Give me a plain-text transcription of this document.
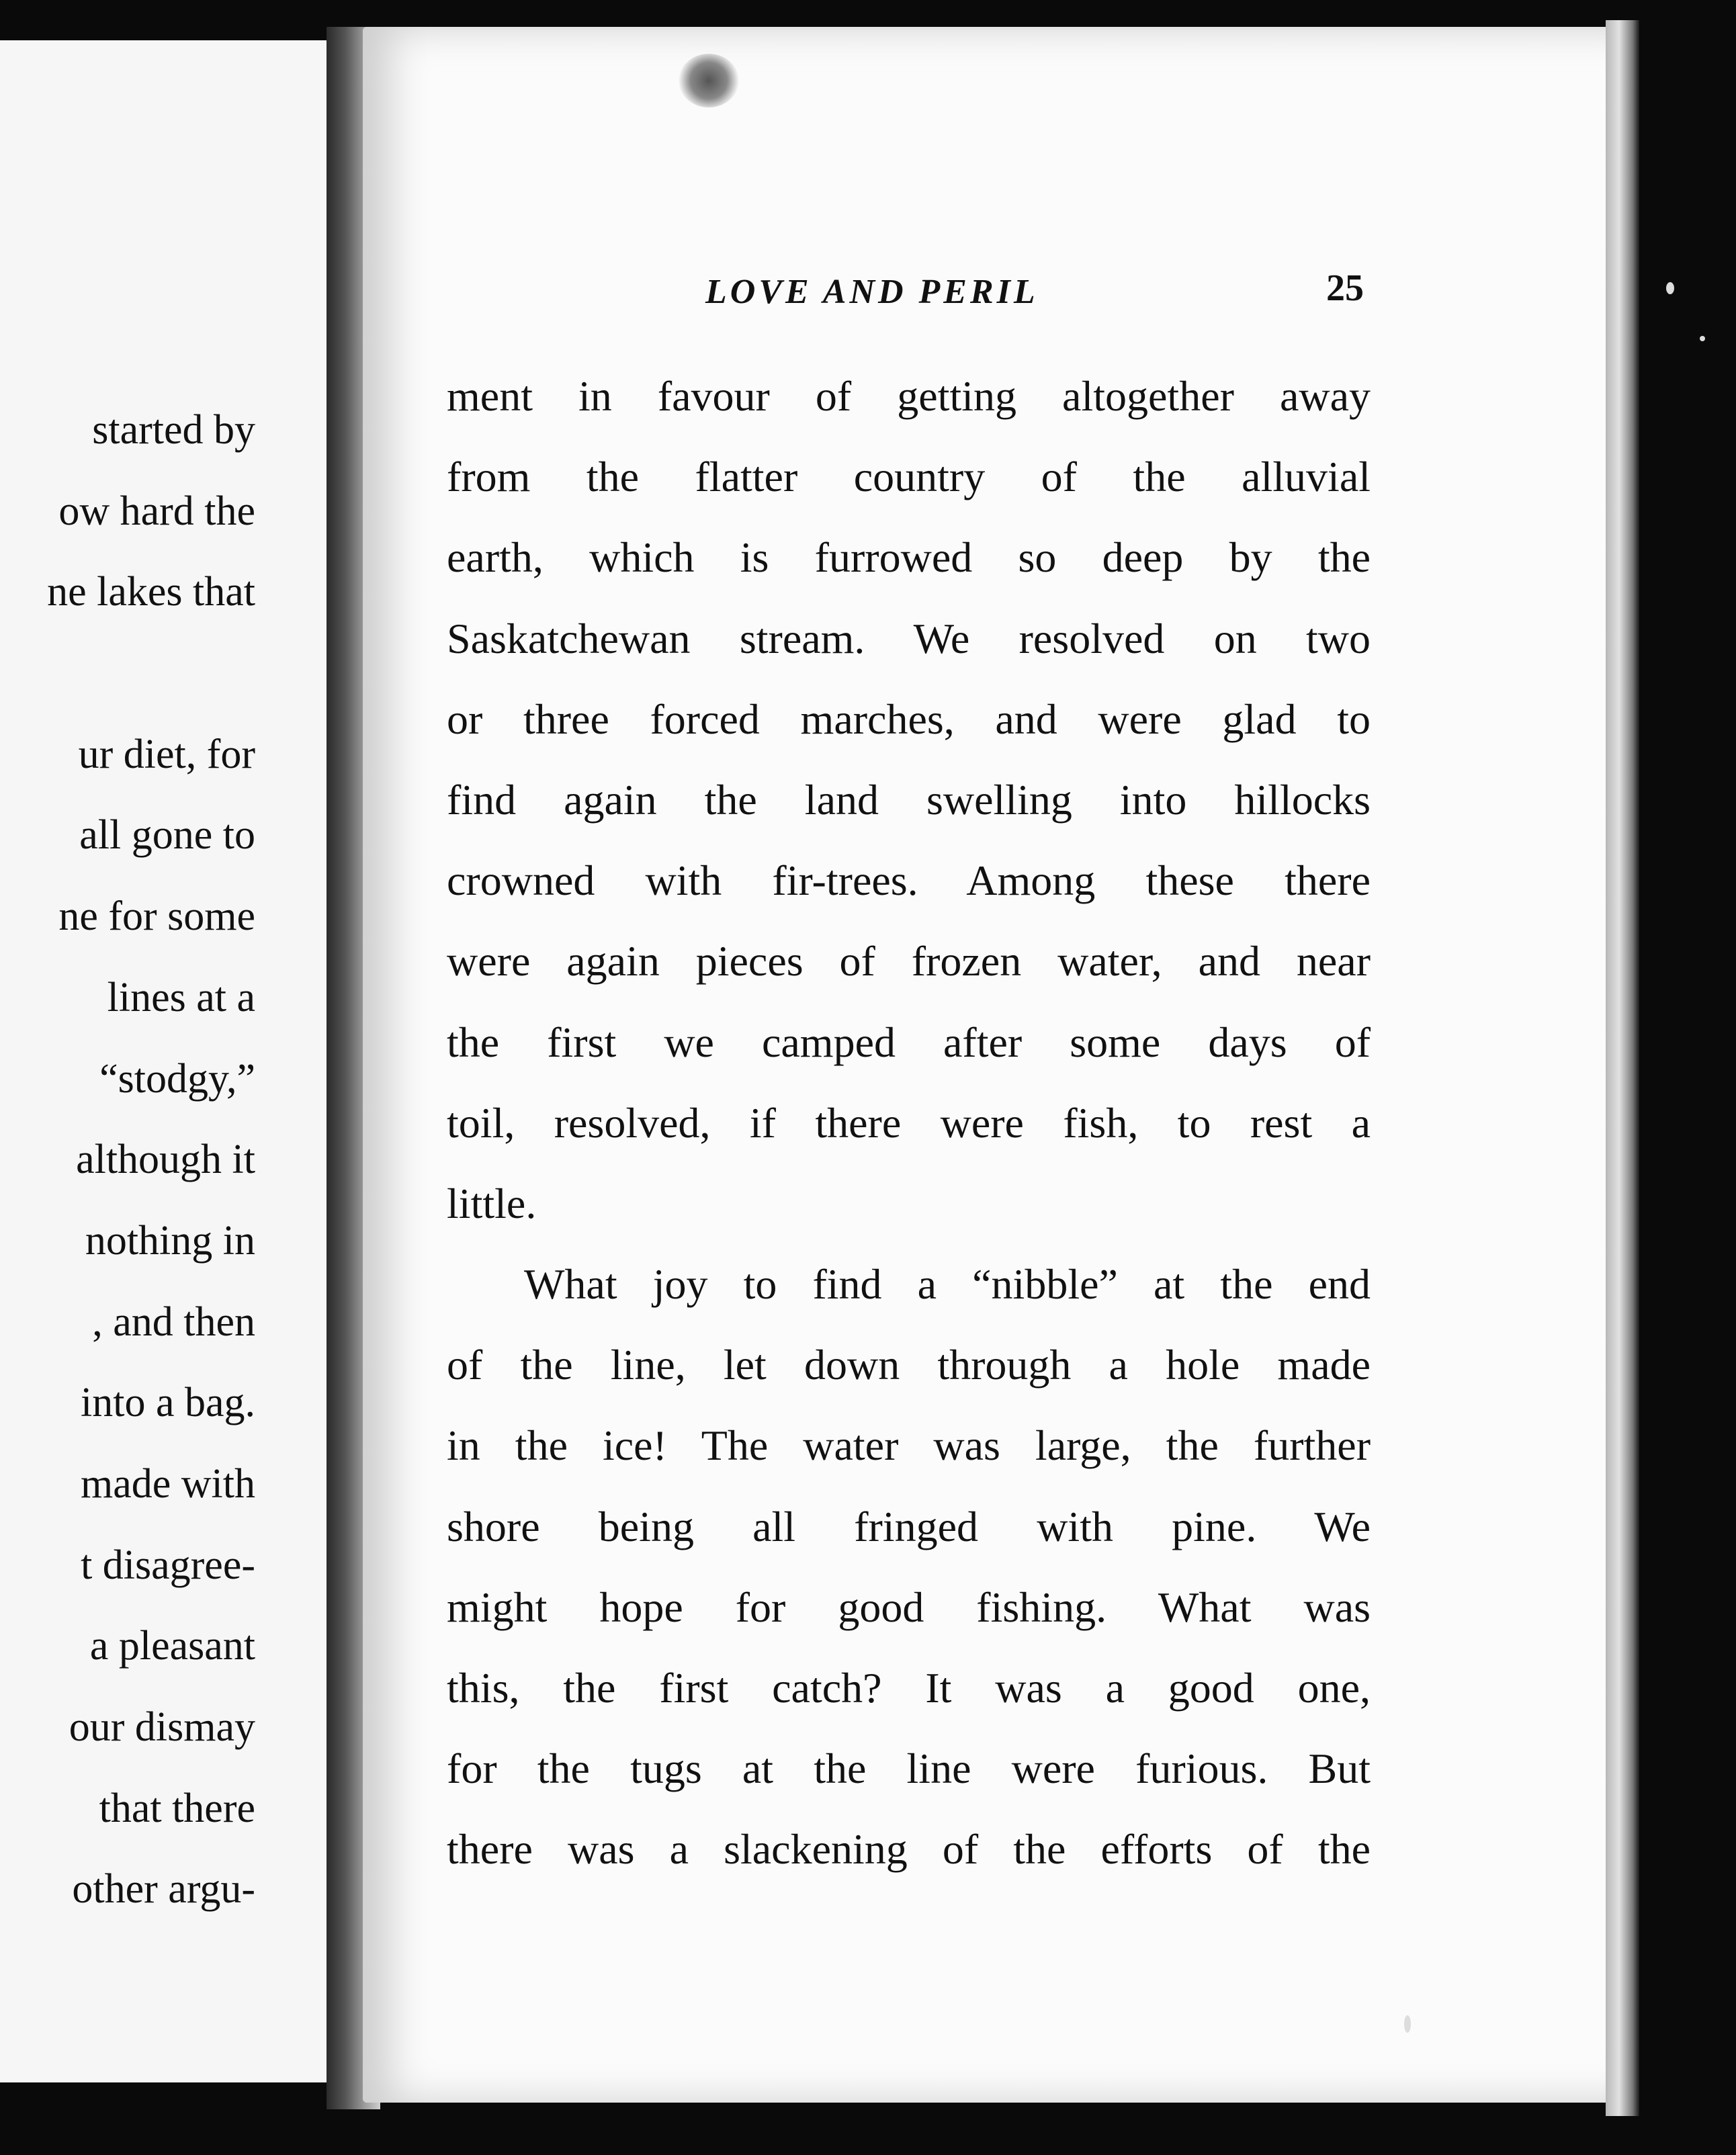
started by
ow hard the
ne lakes that
ur diet, for
all gone to
ne for some
lines at a
“stodgy,”
although it
nothing in
, and then
into a bag.
made with
t disagree-
a pleasant
our dismay
that there
other argu-
LOVE AND PERIL	25
ment in favour of getting altogether away
from the flatter country of the alluvial
earth, which is furrowed so deep by the
Saskatchewan stream. We resolved on two
or three forced marches, and were glad to
find again the land swelling into hillocks
crowned with fir-trees. Among these there
were again pieces of frozen water, and near
the first we camped after some days of
toil, resolved, if there were fish, to rest a
little.
What joy to find a “nibble” at the end
of the line, let down through a hole made
in the ice! The water was large, the further
shore being all fringed with pine. We
might hope for good fishing. What was
this, the first catch? It was a good one,
for the tugs at the line were furious. But
there was a slackening of the efforts of the
